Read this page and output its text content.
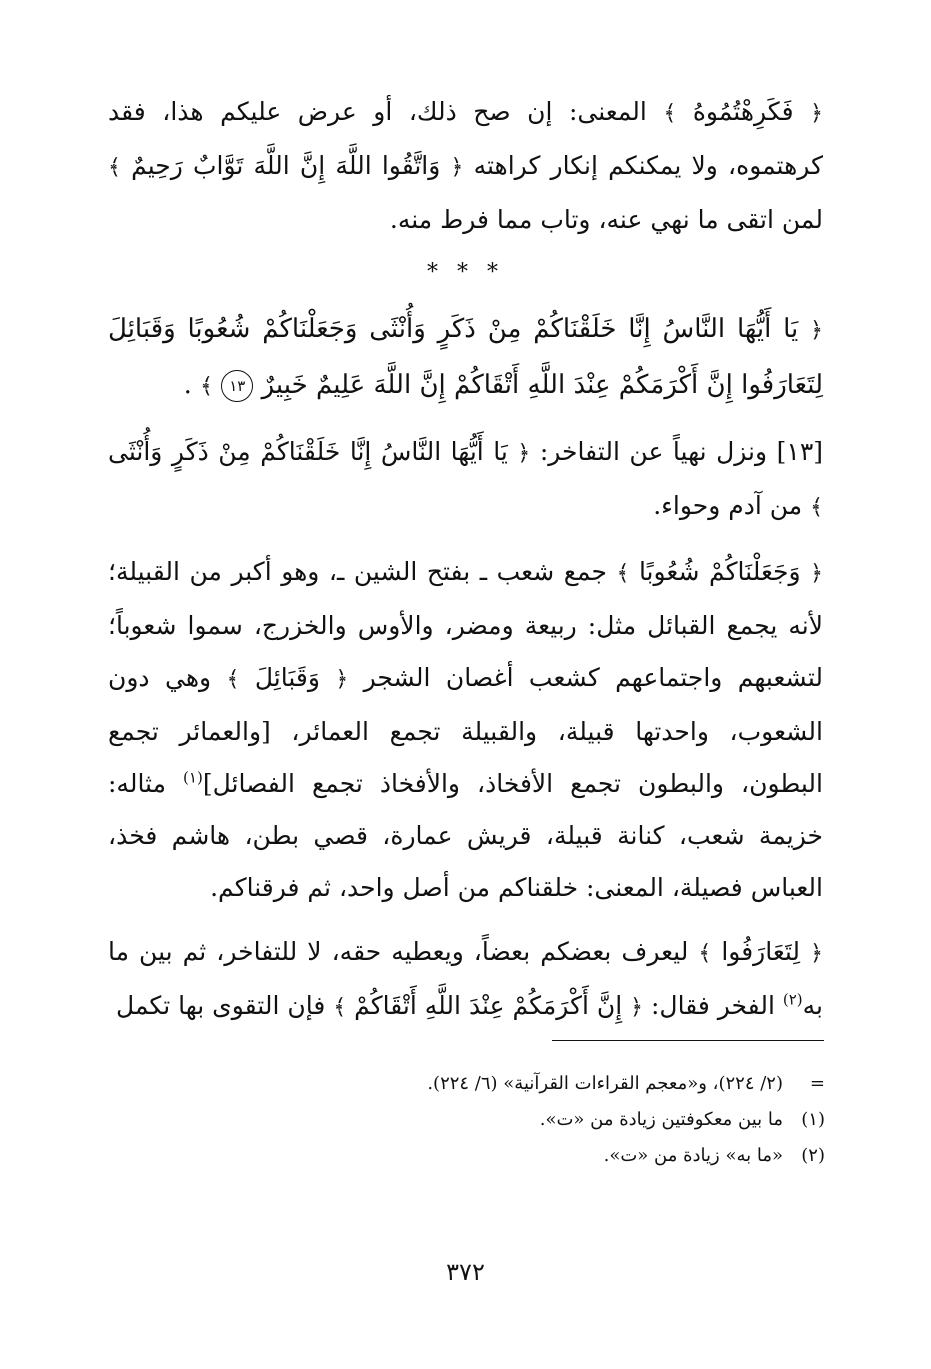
﴿ فَكَرِهْتُمُوهُ ﴾ المعنى: إن صح ذلك، أو عرض عليكم هذا، فقد كرهتموه، ولا يمكنكم إنكار كراهته ﴿ وَاتَّقُوا اللَّهَ إِنَّ اللَّهَ تَوَّابٌ رَحِيمٌ ﴾ لمن اتقى ما نهي عنه، وتاب مما فرط منه.

* * *

﴿ يَا أَيُّهَا النَّاسُ إِنَّا خَلَقْنَاكُمْ مِنْ ذَكَرٍ وَأُنْثَى وَجَعَلْنَاكُمْ شُعُوبًا وَقَبَائِلَ لِتَعَارَفُوا إِنَّ أَكْرَمَكُمْ عِنْدَ اللَّهِ أَتْقَاكُمْ إِنَّ اللَّهَ عَلِيمٌ خَبِيرٌ ١٣ ﴾ .

[١٣] ونزل نهياً عن التفاخر: ﴿ يَا أَيُّهَا النَّاسُ إِنَّا خَلَقْنَاكُمْ مِنْ ذَكَرٍ وَأُنْثَى ﴾ من آدم وحواء.

﴿ وَجَعَلْنَاكُمْ شُعُوبًا ﴾ جمع شعب ـ بفتح الشين ـ، وهو أكبر من القبيلة؛ لأنه يجمع القبائل مثل: ربيعة ومضر، والأوس والخزرج، سموا شعوباً؛ لتشعبهم واجتماعهم كشعب أغصان الشجر ﴿ وَقَبَائِلَ ﴾ وهي دون الشعوب، واحدتها قبيلة، والقبيلة تجمع العمائر، [والعمائر تجمع البطون، والبطون تجمع الأفخاذ، والأفخاذ تجمع الفصائل]$^{(١)}$ مثاله: خزيمة شعب، كنانة قبيلة، قريش عمارة، قصي بطن، هاشم فخذ، العباس فصيلة، المعنى: خلقناكم من أصل واحد، ثم فرقناكم.

﴿ لِتَعَارَفُوا ﴾ ليعرف بعضكم بعضاً، ويعطيه حقه، لا للتفاخر، ثم بين ما به$^{(٢)}$ الفخر فقال: ﴿ إِنَّ أَكْرَمَكُمْ عِنْدَ اللَّهِ أَتْقَاكُمْ ﴾ فإن التقوى بها تكمل

=
(٢/ ٢٢٤)، و«معجم القراءات القرآنية» (٦/ ٢٢٤).
(١)
ما بين معكوفتين زيادة من «ت».
(٢)
«ما به» زيادة من «ت».
٣٧٢
